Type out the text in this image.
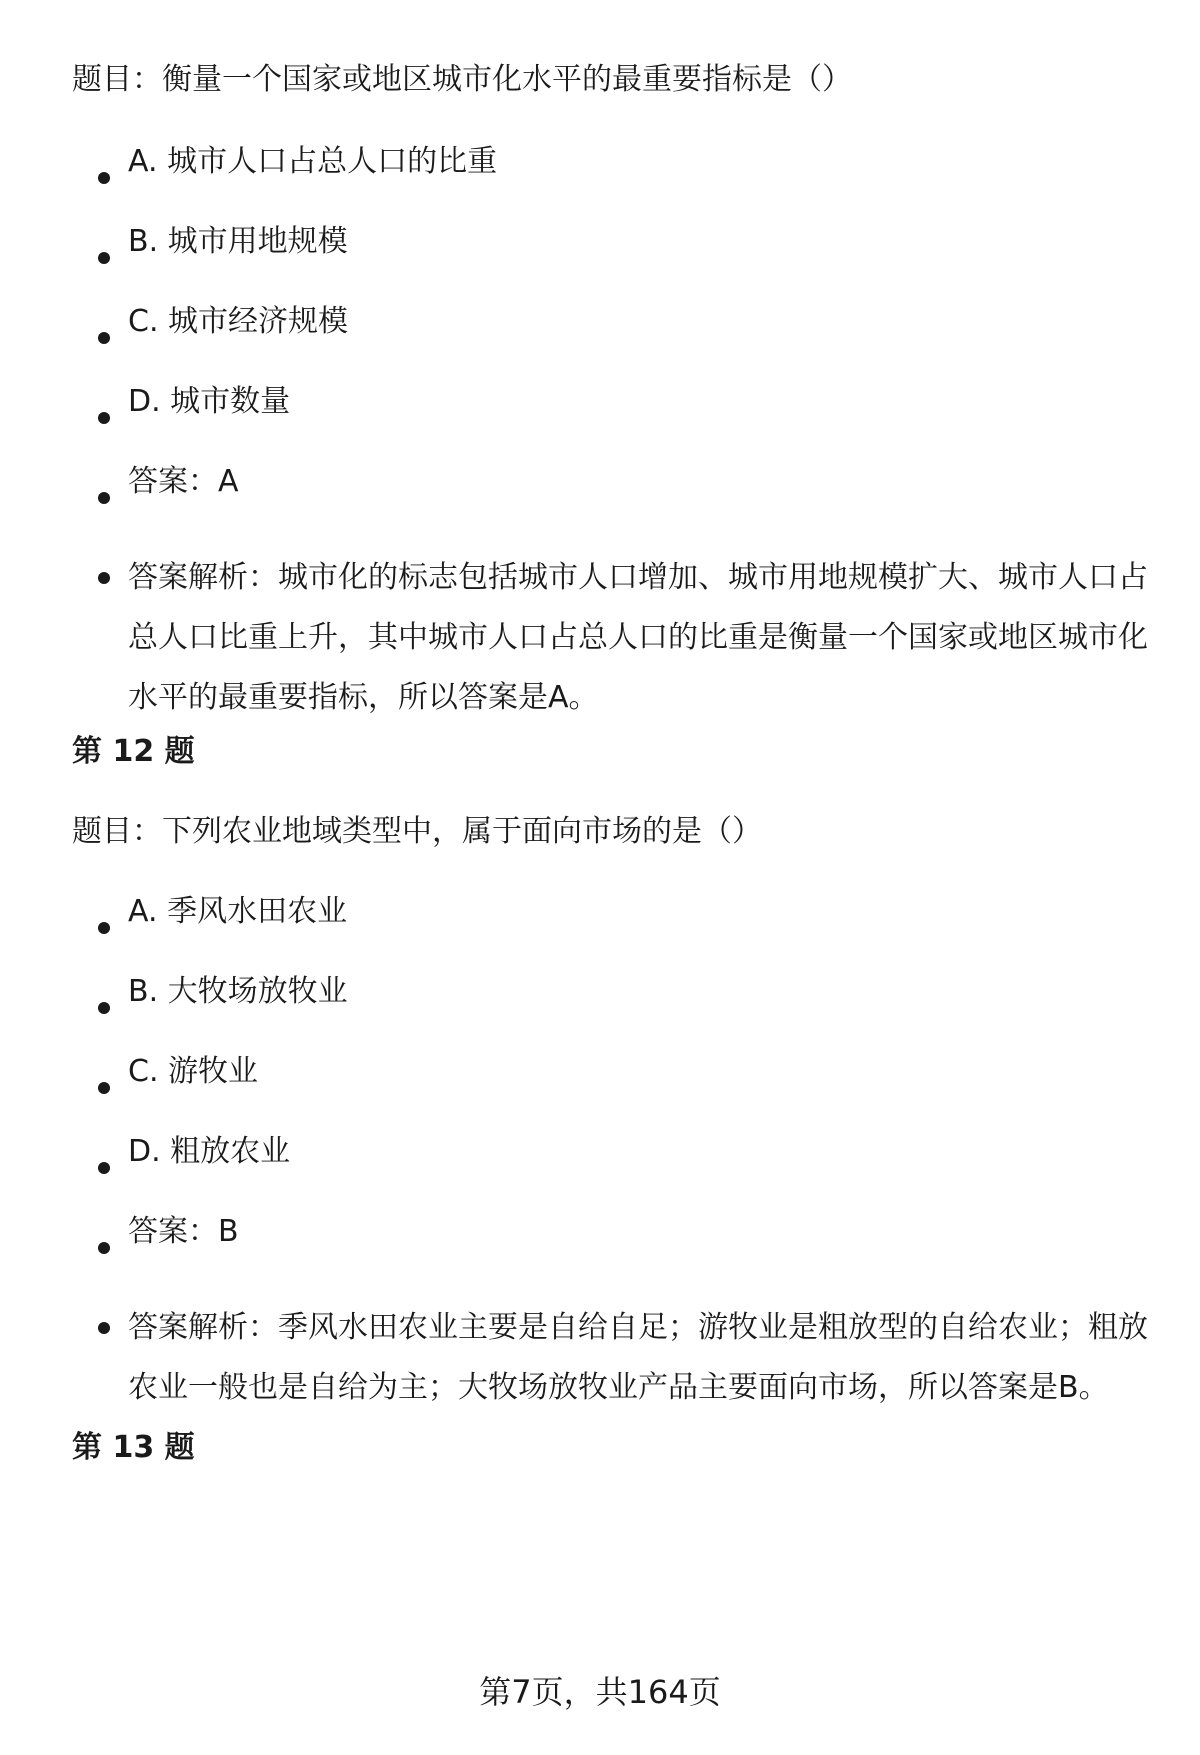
题目：衡量一个国家或地区城市化水平的最重要指标是（）
A. 城市人口占总人口的比重
B. 城市用地规模
C. 城市经济规模
D. 城市数量
答案：A
答案解析：城市化的标志包括城市人口增加、城市用地规模扩大、城市人口占总人口比重上升，其中城市人口占总人口的比重是衡量一个国家或地区城市化水平的最重要指标，所以答案是A。
第 12 题
题目：下列农业地域类型中，属于面向市场的是（）
A. 季风水田农业
B. 大牧场放牧业
C. 游牧业
D. 粗放农业
答案：B
答案解析：季风水田农业主要是自给自足；游牧业是粗放型的自给农业；粗放农业一般也是自给为主；大牧场放牧业产品主要面向市场，所以答案是B。
第 13 题
第7页，共164页
